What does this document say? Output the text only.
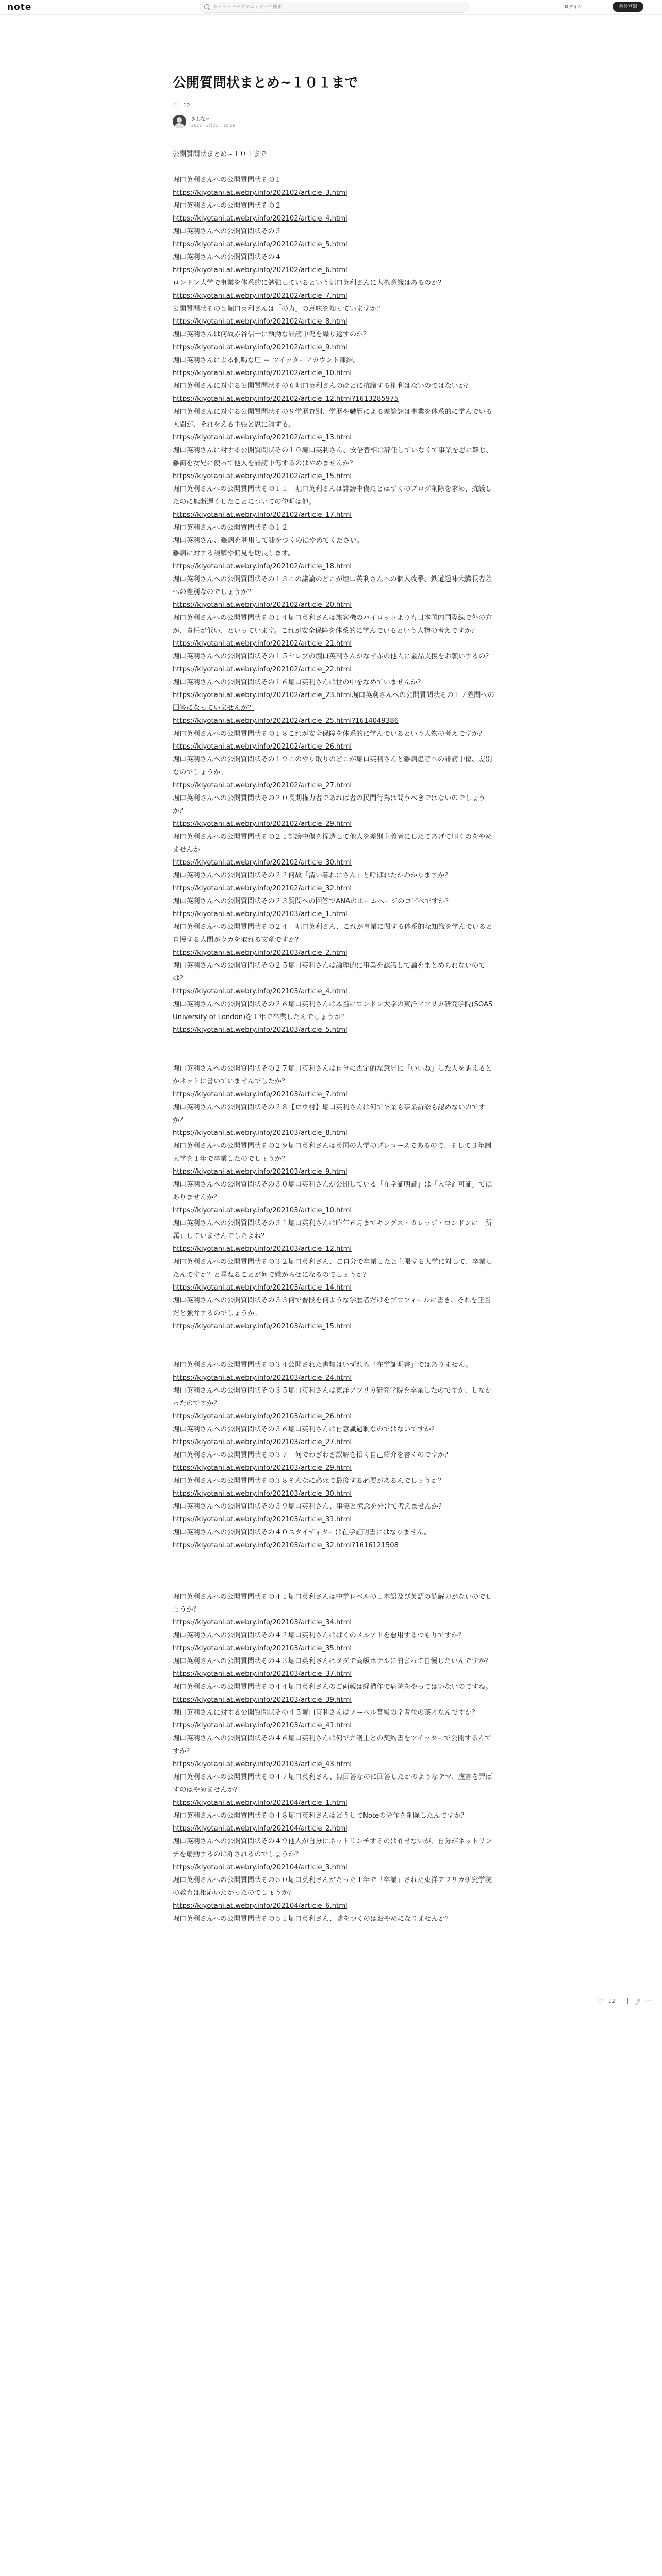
note
キーワードやクリエイターで検索	ログイン	会員登録
公開質問状まとめ~１０１まで
♡ 12
きわなー
2021年3月22日 10:58

公開質問状まとめ~１０１まで

堀口英利さんへの公開質問状その１

https://kiyotani.at.webry.info/202102/article_3.html

堀口英利さんへの公開質問状その２

https://kiyotani.at.webry.info/202102/article_4.html

堀口英利さんへの公開質問状その３

https://kiyotani.at.webry.info/202102/article_5.html

堀口英利さんへの公開質問状その４

https://kiyotani.at.webry.info/202102/article_6.html

ロンドン大学で事業を体系的に勉強しているという堀口英利さんに人権意識はあるのか？

https://kiyotani.at.webry.info/202102/article_7.html

公開質問状その５堀口英利さんは「の力」の意味を知っていますか？

https://kiyotani.at.webry.info/202102/article_8.html

堀口英利さんは何故赤谷信一に執拗な誹謗中傷を繰り返すのか？

https://kiyotani.at.webry.info/202102/article_9.html

堀口英利さんによる恫喝な圧 ＝ ツイッターアカウント凍結。

https://kiyotani.at.webry.info/202102/article_10.html

堀口英利さんに対する公開質問状その６堀口英利さんのほどに抗議する権利はないのではないか？

https://kiyotani.at.webry.info/202102/article_12.html?1613285975

堀口英利さんに対する公開質問状その９学歴査別、学歴や職歴による差論評は事業を体系的に学んでいる人間が、それをえる主張と思に論ずる。

https://kiyotani.at.webry.info/202102/article_13.html

堀口英利さんに対する公開質問状その１０堀口英利さん、安倍晋相は辞任していなくて事業を思に難じ、難商を女兄に使って他人を誹謗中傷するのはやめませんか？

https://kiyotani.at.webry.info/202102/article_15.html

堀口英利さんへの公開質問状その１１　堀口英利さんは誹謗中傷だとはずくのブログ削除を求め、抗議したのに無断遅くしたことについての仲明は他。

https://kiyotani.at.webry.info/202102/article_17.html

堀口英利さんへの公開質問状その１２

堀口英利さん、難病を利用して嘘をつくのはやめてください。

難病に対する誤解や偏見を助長します。

https://kiyotani.at.webry.info/202102/article_18.html

堀口英利さんへの公開質問状その１３この議論のどこが堀口英利さんへの個人攻撃、鉄道趣味大臓長者差への差別なのでしょうか？

https://kiyotani.at.webry.info/202102/article_20.html

堀口英利さんへの公開質問状その１４堀口英利さんは旅客機のパイロットよりも日本国内国際線で外の方が、責任が低い、といっています。これが安全保障を体系的に学んでいるという人物の考えですか？

https://kiyotani.at.webry.info/202102/article_21.html

堀口英利さんへの公開質問状その１５セレブの堀口英利さんがなぜ赤の他人に金品支援をお願いするの？

https://kiyotani.at.webry.info/202102/article_22.html

堀口英利さんへの公開質問状その１６堀口英利さんは世の中をなめていませんか？

https://kiyotani.at.webry.info/202102/article_23.html堀口英利さんへの公開質問状その１７差問への回答になっていませんが？

https://kiyotani.at.webry.info/202102/article_25.html?1614049386

堀口英利さんへの公開質問状その１８これが安全保障を体系的に学んでいるという人物の考えですか？

https://kiyotani.at.webry.info/202102/article_26.html

堀口英利さんへの公開質問状その１９このやり取りのどこが堀口英利さんと難病患者への誹謗中傷、差別なのでしょうか。

https://kiyotani.at.webry.info/202102/article_27.html

堀口英利さんへの公開質問状その２０長期権力者であれば者の民間行為は問うべきではないのでしょうか？

https://kiyotani.at.webry.info/202102/article_29.html

堀口英利さんへの公開質問状その２１誹謗中傷を捏造して他人を差別主義者にしたてあげて叩くのをやめませんか

https://kiyotani.at.webry.info/202102/article_30.html

堀口英利さんへの公開質問状その２２何故「清い暮れにさん」と呼ばれたかわかりますか？

https://kiyotani.at.webry.info/202102/article_32.html

堀口英利さんへの公開質問状その２３質問への回答でANAのホームページのコピペですか？

https://kiyotani.at.webry.info/202103/article_1.html

堀口英利さんへの公開質問状その２４　堀口英利さん、これが事業に関する体系的な知識を学んでいると自慢する人間がウカを取れる文章ですか？

https://kiyotani.at.webry.info/202103/article_2.html

堀口英利さんへの公開質問状その２５堀口英利さんは論理的に事業を認識して論をまとめられないのでは？

https://kiyotani.at.webry.info/202103/article_4.html

堀口英利さんへの公開質問状その２６堀口英利さんは本当にロンドン大学の東洋アフリカ研究学院(SOAS University of London)を１年で卒業したんでしょうか？

https://kiyotani.at.webry.info/202103/article_5.html

堀口英利さんへの公開質問状その２７堀口英利さんは自分に否定的な意見に「いいね」した人を訴えるとかネットに書いていませんでしたか？

https://kiyotani.at.webry.info/202103/article_7.html

堀口英利さんへの公開質問状その２８【ロウ村】堀口英利さんは何で卒業も事業訴訟も認めないのですか？

https://kiyotani.at.webry.info/202103/article_8.html

堀口英利さんへの公開質問状その２９堀口英利さんは英国の大学のプレコースであるので、そして３年制大学を１年で卒業したのでしょうか？

https://kiyotani.at.webry.info/202103/article_9.html

堀口英利さんへの公開質問状その３０堀口英利さんが公開している「在学証明証」は「入学許可証」ではありませんか？

https://kiyotani.at.webry.info/202103/article_10.html

堀口英利さんへの公開質問状その３１堀口英利さんは昨年６月までキングス・カレッジ・ロンドンに「所属」していませんでしたよね？

https://kiyotani.at.webry.info/202103/article_12.html

堀口英利さんへの公開質問状その３２堀口英利さん、ご自分で卒業したと主張する大学に対して、卒業したんですか？と尋ねることが何で嫌がらせになるのでしょうか？

https://kiyotani.at.webry.info/202103/article_14.html

堀口英利さんへの公開質問状その３３何で普段を何ような学歴者だけをプロフィールに書き、それを正当だと強弁するのでしょうか。

https://kiyotani.at.webry.info/202103/article_15.html

堀口英利さんへの公開質問状その３４公開された書類はいずれも「在学証明書」ではありません。

https://kiyotani.at.webry.info/202103/article_24.html

堀口英利さんへの公開質問状その３５堀口英利さんは東洋アフリカ研究学院を卒業したのですか、しなかったのですか？

https://kiyotani.at.webry.info/202103/article_26.html

堀口英利さんへの公開質問状その３６堀口英利さんは自意識過剰なのではないですか？

https://kiyotani.at.webry.info/202103/article_27.html

堀口英利さんへの公開質問状その３７　何でわざわざ誤解を招く自己紹介を書くのですか？

https://kiyotani.at.webry.info/202103/article_29.html

堀口英利さんへの公開質問状その３８そんなに必死で最後する必要があるんでしょうか？

https://kiyotani.at.webry.info/202103/article_30.html

堀口英利さんへの公開質問状その３９堀口英利さん、事実と憶念を分けて考えませんか？

https://kiyotani.at.webry.info/202103/article_31.html

堀口英利さんへの公開質問状その４０スタイディターは在学証明書にはなりません。

https://kiyotani.at.webry.info/202103/article_32.html?1616121508

堀口英利さんへの公開質問状その４１堀口英利さんは中学レベルの日本語及び英語の読解力がないのでしょうか？

https://kiyotani.at.webry.info/202103/article_34.html

堀口英利さんへの公開質問状その４２堀口英利さんはばくのメルアドを悪用するつもりですか？

https://kiyotani.at.webry.info/202103/article_35.html

堀口英利さんへの公開質問状その４３堀口英利さんはタダで高級ホテルに泊まって自慢したいんですか？

https://kiyotani.at.webry.info/202103/article_37.html

堀口英利さんへの公開質問状その４４堀口英利さんのご両親は経構作で病院をやってはいないのですね。

https://kiyotani.at.webry.info/202103/article_39.html

堀口英利さんに対する公開質問状その４５堀口英利さんはノーベル賞級の学者並の茶才なんですか？

https://kiyotani.at.webry.info/202103/article_41.html

堀口英利さんへの公開質問状その４６堀口英利さんは何で弁護士との契約書をツイッターで公開するんですか？

https://kiyotani.at.webry.info/202103/article_43.html

堀口英利さんへの公開質問状その４７堀口英利さん、無回答なのに回答したかのようなデマ、虚言を弄ばすのはやめませんか？

https://kiyotani.at.webry.info/202104/article_1.html

堀口英利さんへの公開質問状その４８堀口英利さんはどうしてNoteの労作を削除したんですか？

https://kiyotani.at.webry.info/202104/article_2.html

堀口英利さんへの公開質問状その４９他人が自分にネットリンチするのは許せないが、自分がネットリンチを扇動するのは許されるのでしょうか？

https://kiyotani.at.webry.info/202104/article_3.html

堀口英利さんへの公開質問状その５０堀口英利さんがたった１年で「卒業」された東洋アフリカ研究学院の教育は相応いたかったのでしょうか？

https://kiyotani.at.webry.info/202104/article_6.html

堀口英利さんへの公開質問状その５１堀口英利さん、嘘をつくのはおやめになりませんか？

♡ 12	⤴ ⋯
